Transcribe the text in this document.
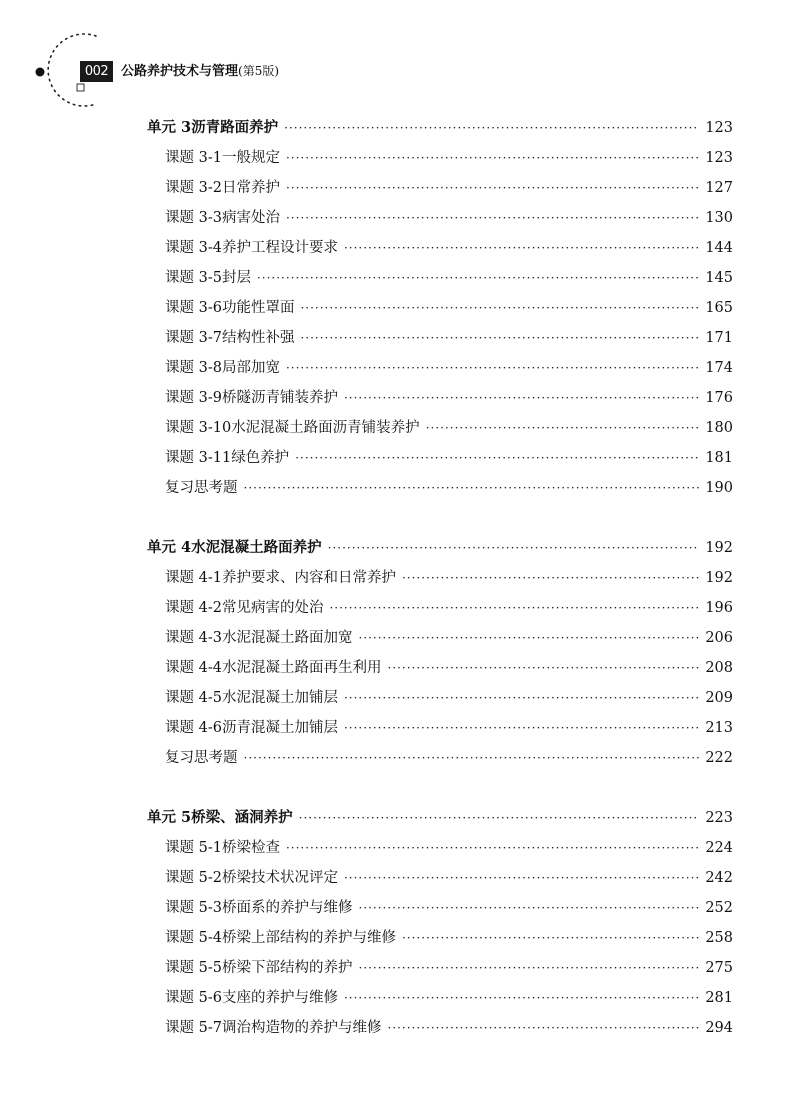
002 公路养护技术与管理(第5版)
单元 3 沥青路面养护 ·····	123
课题 3-1 一般规定 ·····	123
课题 3-2 日常养护 ·····	127
课题 3-3 病害处治 ·····	130
课题 3-4 养护工程设计要求 ·····	144
课题 3-5 封层 ·····	145
课题 3-6 功能性罩面 ·····	165
课题 3-7 结构性补强 ·····	171
课题 3-8 局部加宽 ·····	174
课题 3-9 桥隧沥青铺装养护 ·····	176
课题 3-10 水泥混凝土路面沥青铺装养护 ·····	180
课题 3-11 绿色养护 ·····	181
复习思考题 ·····	190
单元 4 水泥混凝土路面养护 ·····	192
课题 4-1 养护要求、内容和日常养护 ·····	192
课题 4-2 常见病害的处治 ·····	196
课题 4-3 水泥混凝土路面加宽 ·····	206
课题 4-4 水泥混凝土路面再生利用 ·····	208
课题 4-5 水泥混凝土加铺层 ·····	209
课题 4-6 沥青混凝土加铺层 ·····	213
复习思考题 ·····	222
单元 5 桥梁、涵洞养护 ·····	223
课题 5-1 桥梁检查 ·····	224
课题 5-2 桥梁技术状况评定 ·····	242
课题 5-3 桥面系的养护与维修 ·····	252
课题 5-4 桥梁上部结构的养护与维修 ·····	258
课题 5-5 桥梁下部结构的养护 ·····	275
课题 5-6 支座的养护与维修 ·····	281
课题 5-7 调治构造物的养护与维修 ·····	294
